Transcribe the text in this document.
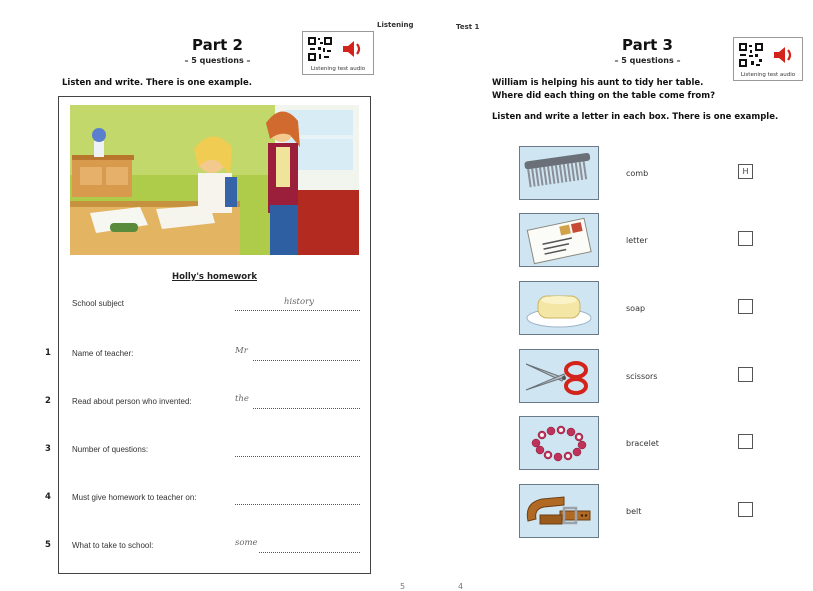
Listening	Test 1
Part 2
– 5 questions –
Listening test audio
Listen and write. There is one example.
Holly's homework
School subject	history
1	Name of teacher:	Mr
2	Read about person who invented:	the
3	Number of questions:
4	Must give homework to teacher on:
5	What to take to school:	some
Part 3
– 5 questions –
Listening test audio
William is helping his aunt to tidy her table.
Where did each thing on the table come from?
Listen and write a letter in each box. There is one example.
comb	H
letter
soap
scissors
bracelet
belt
5	4
